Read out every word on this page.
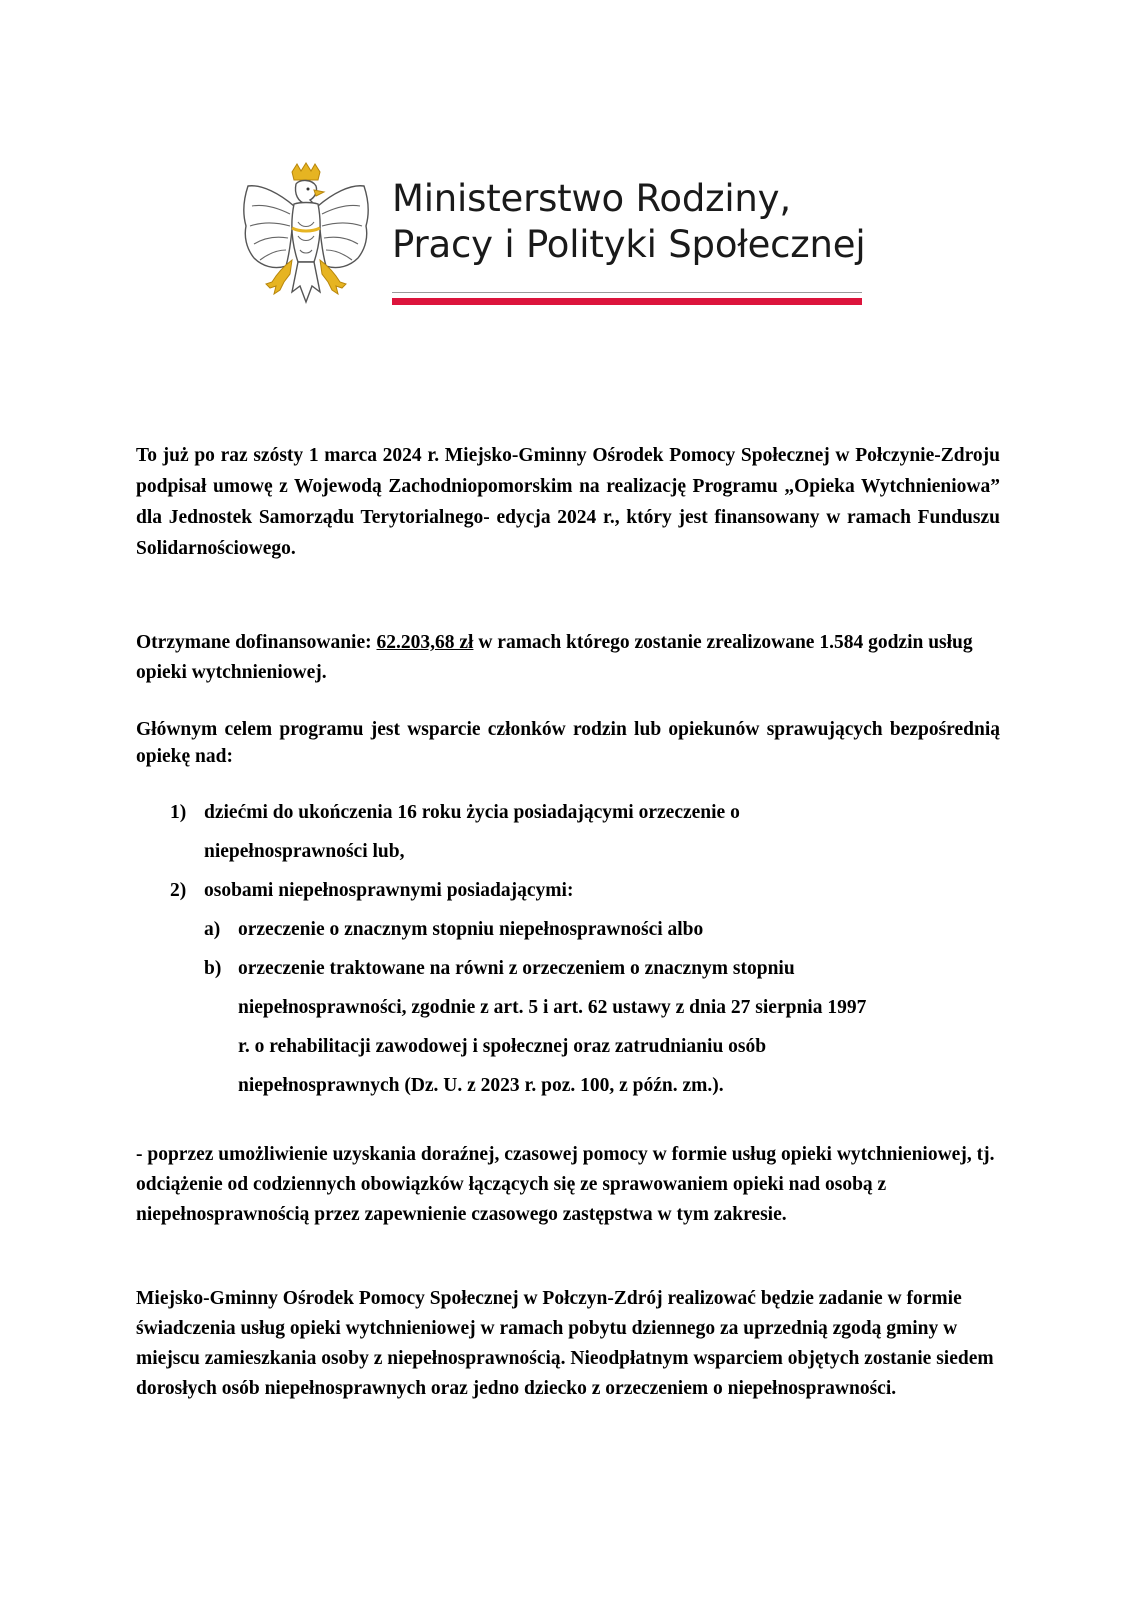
Ministerstwo Rodziny,
Pracy i Polityki Społecznej
To już po raz szósty 1 marca 2024 r. Miejsko-Gminny Ośrodek Pomocy Społecznej w Połczynie-Zdroju podpisał umowę z Wojewodą Zachodniopomorskim na realizację Programu „Opieka Wytchnieniowa” dla Jednostek Samorządu Terytorialnego- edycja 2024 r., który jest finansowany w ramach Funduszu Solidarnościowego.
Otrzymane dofinansowanie: 62.203,68 zł w ramach którego zostanie zrealizowane 1.584 godzin usług opieki wytchnieniowej.
Głównym celem programu jest wsparcie członków rodzin lub opiekunów sprawujących bezpośrednią opiekę nad:
1) dziećmi do ukończenia 16 roku życia posiadającymi orzeczenie o
niepełnosprawności lub,
2) osobami niepełnosprawnymi posiadającymi:
a) orzeczenie o znacznym stopniu niepełnosprawności albo
b) orzeczenie traktowane na równi z orzeczeniem o znacznym stopniu
niepełnosprawności, zgodnie z art. 5 i art. 62 ustawy z dnia 27 sierpnia 1997
r. o rehabilitacji zawodowej i społecznej oraz zatrudnianiu osób
niepełnosprawnych (Dz. U. z 2023 r. poz. 100, z późn. zm.).
- poprzez umożliwienie uzyskania doraźnej, czasowej pomocy w formie usług opieki wytchnieniowej, tj. odciążenie od codziennych obowiązków łączących się ze sprawowaniem opieki nad osobą z niepełnosprawnością przez zapewnienie czasowego zastępstwa w tym zakresie.
Miejsko-Gminny Ośrodek Pomocy Społecznej w Połczyn-Zdrój realizować będzie zadanie w formie świadczenia usług opieki wytchnieniowej w ramach pobytu dziennego za uprzednią zgodą gminy w miejscu zamieszkania osoby z niepełnosprawnością. Nieodpłatnym wsparciem objętych zostanie siedem dorosłych osób niepełnosprawnych oraz jedno dziecko z orzeczeniem o niepełnosprawności.
